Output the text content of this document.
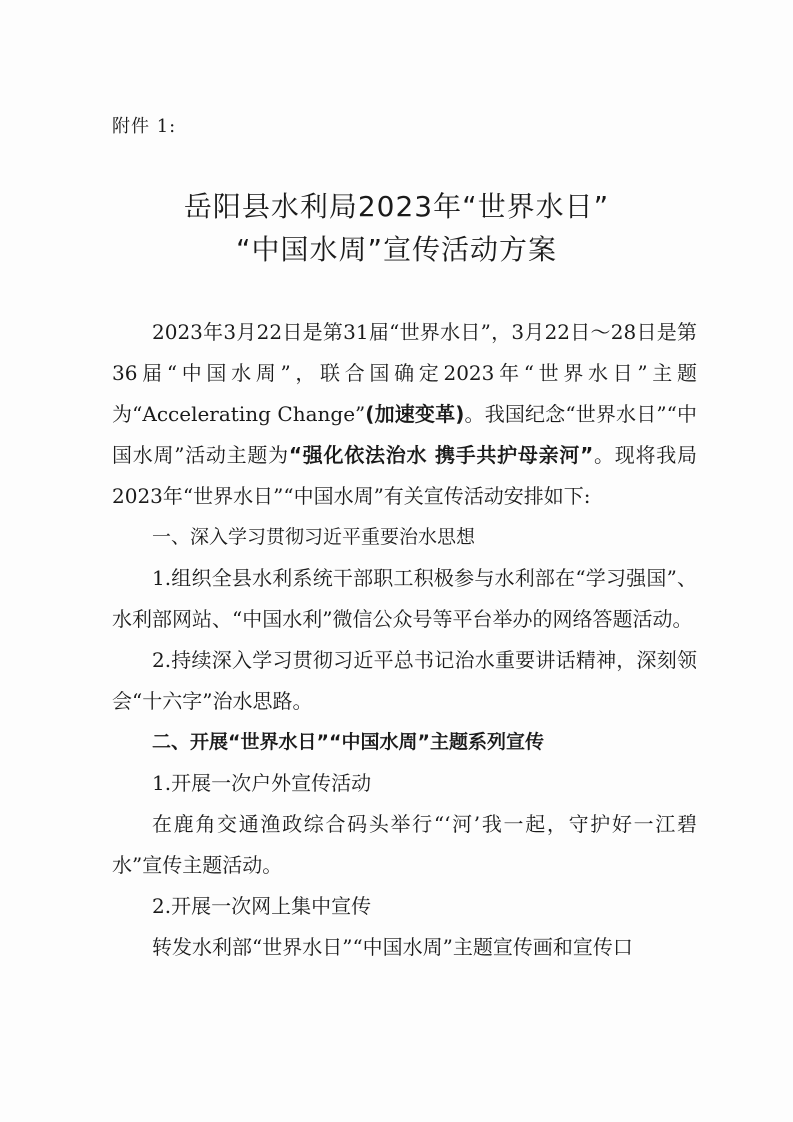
附件 1:
岳阳县水利局2023年“世界水日”
“中国水周”宣传活动方案

2023年3月22日是第31届“世界水日”，3月22日～28日是第36届“中国水周”，联合国确定2023年“世界水日”主题为“Accelerating Change”(加速变革)。我国纪念“世界水日”“中国水周”活动主题为“强化依法治水 携手共护母亲河”。现将我局2023年“世界水日”“中国水周”有关宣传活动安排如下:

一、深入学习贯彻习近平重要治水思想

1.组织全县水利系统干部职工积极参与水利部在“学习强国”、水利部网站、“中国水利”微信公众号等平台举办的网络答题活动。

2.持续深入学习贯彻习近平总书记治水重要讲话精神，深刻领会“十六字”治水思路。

二、开展“世界水日”“中国水周”主题系列宣传

1.开展一次户外宣传活动

在鹿角交通渔政综合码头举行“‘河’我一起，守护好一江碧水”宣传主题活动。

2.开展一次网上集中宣传

转发水利部“世界水日”“中国水周”主题宣传画和宣传口
